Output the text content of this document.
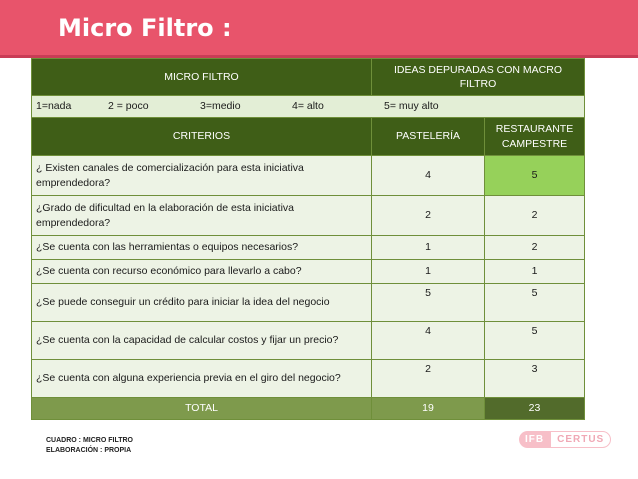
Micro Filtro :
MICRO FILTRO	IDEAS DEPURADAS CON MACRO FILTRO	

1=nada 2 = poco 3=medio 4= alto 5= muy alto		

CRITERIOS	PASTELERÍA	RESTAURANTE CAMPESTRE
¿ Existen canales de comercialización para esta iniciativa emprendedora?	4	5
¿Grado de dificultad en la elaboración de esta iniciativa emprendedora?	2	2
¿Se cuenta con las herramientas o equipos necesarios?	1	2
¿Se cuenta con recurso económico para llevarlo a cabo?	1	1
¿Se puede conseguir un crédito para iniciar la idea del negocio	5	5
¿Se cuenta con la capacidad de calcular costos y fijar un precio?	4	5
¿Se cuenta con alguna experiencia previa en el giro del negocio?	2	3
TOTAL	19	23
CUADRO : MICRO FILTRO
ELABORACIÓN : PROPIA
IFB	CERTUS
